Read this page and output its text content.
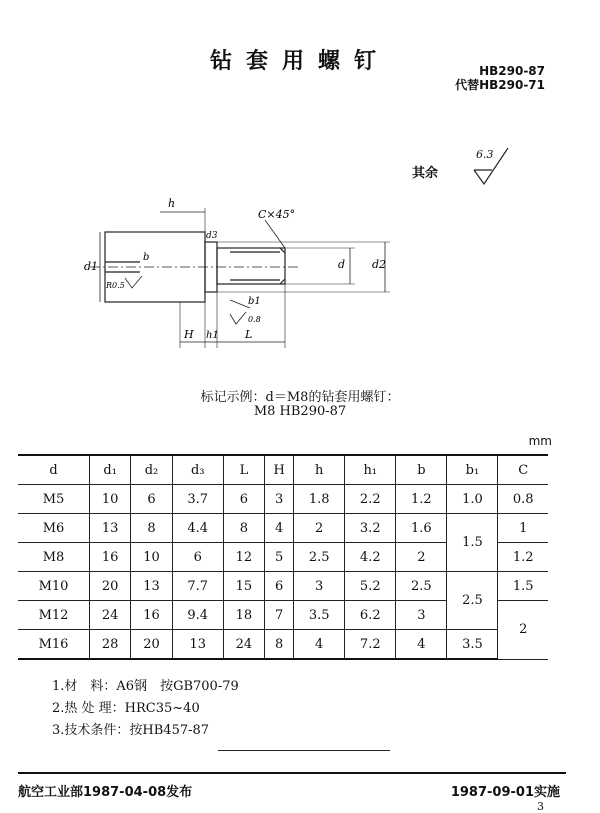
钻套用螺钉	HB290-87
代替HB290-71
其余
6.3
h
C×45°
d3
d1
b
d d2
R0.5
b1
0.8
H h1 L
标记示例：d＝M8的钻套用螺钉：
M8 HB290-87
mm
d	d₁	d₂	d₃	L	H	h	h₁	b	b₁	C
M5	10	6	3.7	6	3	1.8	2.2	1.2	1.0	0.8
M6	13	8	4.4	8	4	2	3.2	1.6	1.5	1
M8	16	10	6	12	5	2.5	4.2	2		1.2
M10	20	13	7.7	15	6	3	5.2	2.5	2.5	1.5
M12	24	16	9.4	18	7	3.5	6.2	3		2
M16	28	20	13	24	8	4	7.2	4	3.5	
1.材　料：A6钢　按GB700-79
2.热 处 理：HRC35~40
3.技术条件：按HB457-87
航空工业部1987-04-08发布	1987-09-01实施
3
